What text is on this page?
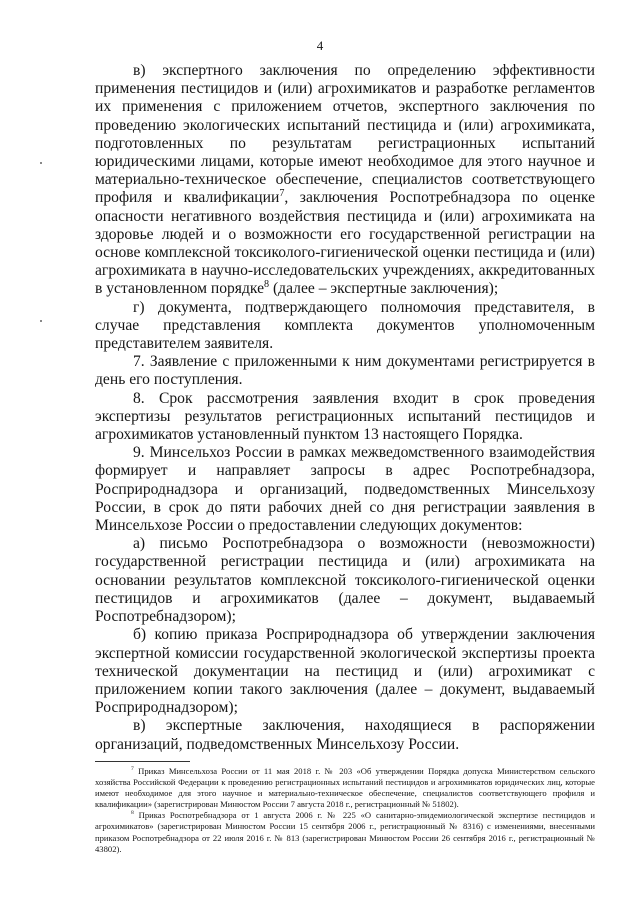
4

в) экспертного заключения по определению эффективности применения пестицидов и (или) агрохимикатов и разработке регламентов их применения с приложением отчетов, экспертного заключения по проведению экологических испытаний пестицида и (или) агрохимиката, подготовленных по результатам регистрационных испытаний юридическими лицами, которые имеют необходимое для этого научное и материально-техническое обеспечение, специалистов соответствующего профиля и квалификации$^7$, заключения Роспотребнадзора по оценке опасности негативного воздействия пестицида и (или) агрохимиката на здоровье людей и о возможности его государственной регистрации на основе комплексной токсиколого-гигиенической оценки пестицида и (или) агрохимиката в научно-исследовательских учреждениях, аккредитованных в установленном порядке$^8$ (далее – экспертные заключения);

г) документа, подтверждающего полномочия представителя, в случае представления комплекта документов уполномоченным представителем заявителя.

7. Заявление с приложенными к ним документами регистрируется в день его поступления.

8. Срок рассмотрения заявления входит в срок проведения экспертизы результатов регистрационных испытаний пестицидов и агрохимикатов установленный пунктом 13 настоящего Порядка.

9. Минсельхоз России в рамках межведомственного взаимодействия формирует и направляет запросы в адрес Роспотребнадзора, Росприроднадзора и организаций, подведомственных Минсельхозу России, в срок до пяти рабочих дней со дня регистрации заявления в Минсельхозе России о предоставлении следующих документов:

а) письмо Роспотребнадзора о возможности (невозможности) государственной регистрации пестицида и (или) агрохимиката на основании результатов комплексной токсиколого-гигиенической оценки пестицидов и агрохимикатов (далее – документ, выдаваемый Роспотребнадзором);

б) копию приказа Росприроднадзора об утверждении заключения экспертной комиссии государственной экологической экспертизы проекта технической документации на пестицид и (или) агрохимикат с приложением копии такого заключения (далее – документ, выдаваемый Росприроднадзором);

в) экспертные заключения, находящиеся в распоряжении организаций, подведомственных Минсельхозу России.

$^7$ Приказ Минсельхоза России от 11 мая 2018 г. № 203 «Об утверждении Порядка допуска Министерством сельского хозяйства Российской Федерации к проведению регистрационных испытаний пестицидов и агрохимикатов юридических лиц, которые имеют необходимое для этого научное и материально-техническое обеспечение, специалистов соответствующего профиля и квалификации» (зарегистрирован Минюстом России 7 августа 2018 г., регистрационный № 51802).

$^8$ Приказ Роспотребнадзора от 1 августа 2006 г. № 225 «О санитарно-эпидемиологической экспертизе пестицидов и агрохимикатов» (зарегистрирован Минюстом России 15 сентября 2006 г., регистрационный № 8316) с изменениями, внесенными приказом Роспотребнадзора от 22 июля 2016 г. № 813 (зарегистрирован Минюстом России 26 сентября 2016 г., регистрационный № 43802).
